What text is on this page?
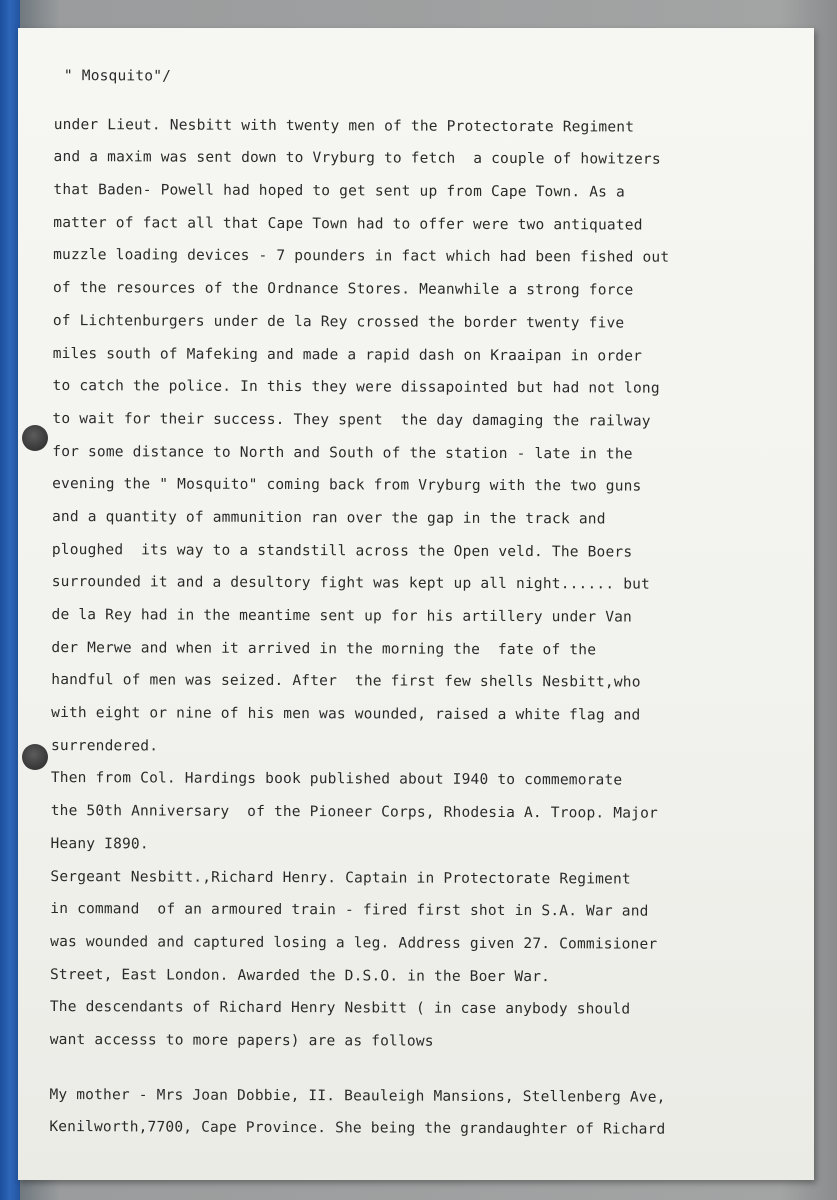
" Mosquito"/
under Lieut. Nesbitt with twenty men of the Protectorate Regiment
and a maxim was sent down to Vryburg to fetch  a couple of howitzers
that Baden- Powell had hoped to get sent up from Cape Town. As a
matter of fact all that Cape Town had to offer were two antiquated
muzzle loading devices - 7 pounders in fact which had been fished out
of the resources of the Ordnance Stores. Meanwhile a strong force
of Lichtenburgers under de la Rey crossed the border twenty five
miles south of Mafeking and made a rapid dash on Kraaipan in order
to catch the police. In this they were dissapointed but had not long
to wait for their success. They spent  the day damaging the railway
for some distance to North and South of the station - late in the
evening the " Mosquito" coming back from Vryburg with the two guns
and a quantity of ammunition ran over the gap in the track and
ploughed  its way to a standstill across the Open veld. The Boers
surrounded it and a desultory fight was kept up all night...... but
de la Rey had in the meantime sent up for his artillery under Van
der Merwe and when it arrived in the morning the  fate of the
handful of men was seized. After  the first few shells Nesbitt,who
with eight or nine of his men was wounded, raised a white flag and
surrendered.
Then from Col. Hardings book published about I940 to commemorate
the 50th Anniversary  of the Pioneer Corps, Rhodesia A. Troop. Major
Heany I890.
Sergeant Nesbitt.,Richard Henry. Captain in Protectorate Regiment
in command  of an armoured train - fired first shot in S.A. War and
was wounded and captured losing a leg. Address given 27. Commisioner
Street, East London. Awarded the D.S.O. in the Boer War.
The descendants of Richard Henry Nesbitt ( in case anybody should
want accesss to more papers) are as follows
My mother - Mrs Joan Dobbie, II. Beauleigh Mansions, Stellenberg Ave,
Kenilworth,7700, Cape Province. She being the grandaughter of Richard
